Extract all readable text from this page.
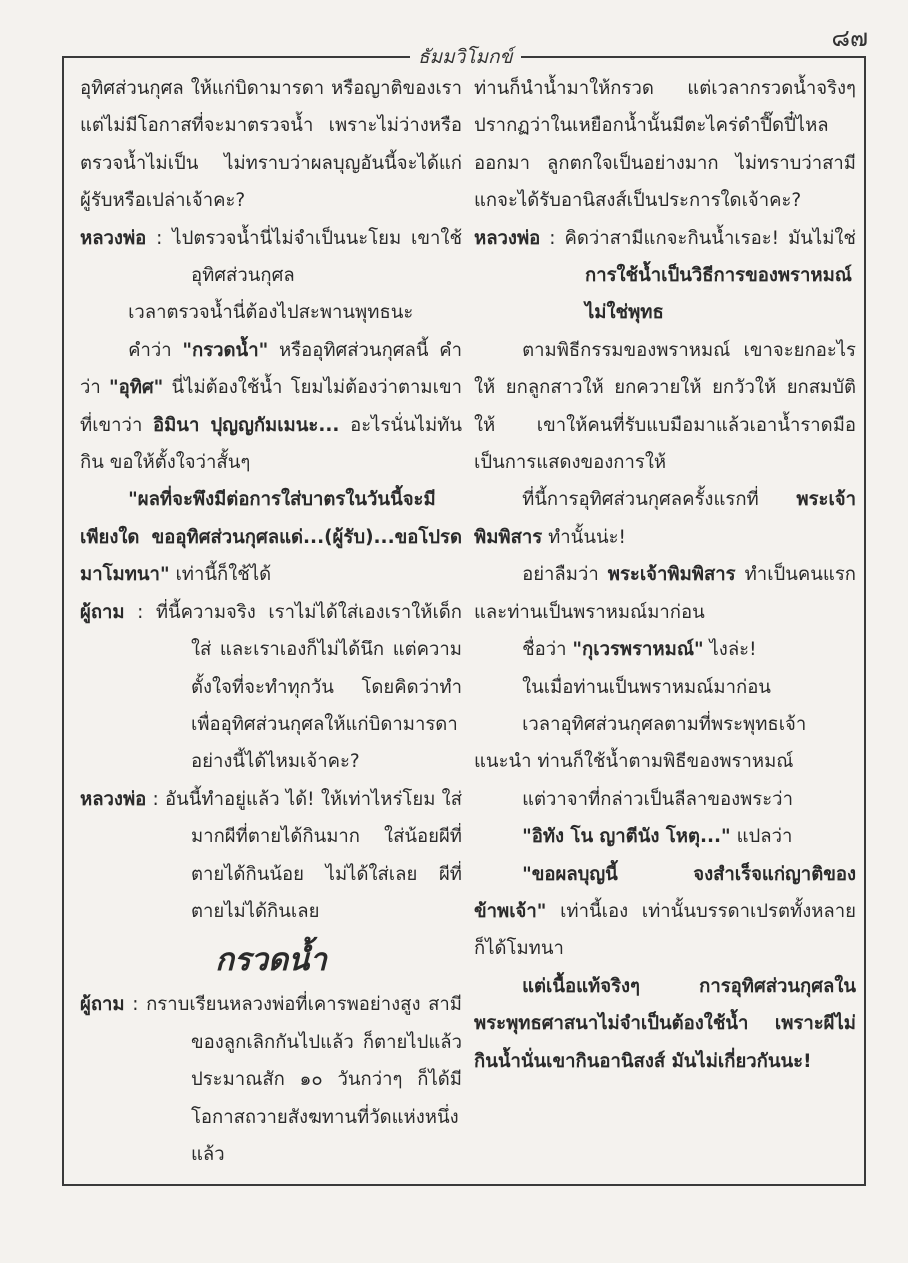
๘๗
ธัมมวิโมกข์
อุทิศส่วนกุศล ให้แก่บิดามารดา หรือญาติของเรา แต่ไม่มีโอกาสที่จะมาตรวจน้ำ เพราะไม่ว่างหรือตรวจน้ำไม่เป็น ไม่ทราบว่าผลบุญอันนี้จะได้แก่ผู้รับหรือเปล่าเจ้าคะ?
หลวงพ่อ : ไปตรวจน้ำนี่ไม่จำเป็นนะโยม เขาใช้อุทิศส่วนกุศล
เวลาตรวจน้ำนี่ต้องไปสะพานพุทธนะ
คำว่า "กรวดน้ำ" หรืออุทิศส่วนกุศลนี้ คำว่า "อุทิศ" นี่ไม่ต้องใช้น้ำ โยมไม่ต้องว่าตามเขา ที่เขาว่า อิมินา ปุญญกัมเมนะ... อะไรนั่นไม่ทันกิน ขอให้ตั้งใจว่าสั้นๆ
"ผลที่จะพึงมีต่อการใส่บาตรในวันนี้จะมีเพียงใด ขออุทิศส่วนกุศลแด่...(ผู้รับ)...ขอโปรดมาโมทนา" เท่านี้ก็ใช้ได้
ผู้ถาม : ที่นี้ความจริง เราไม่ได้ใส่เองเราให้เด็กใส่ และเราเองก็ไม่ได้นึก แต่ความตั้งใจที่จะทำทุกวัน โดยคิดว่าทำเพื่ออุทิศส่วนกุศลให้แก่บิดามารดา อย่างนี้ได้ไหมเจ้าคะ?
หลวงพ่อ : อันนี้ทำอยู่แล้ว ได้! ให้เท่าไหร่โยม ใส่มากผีที่ตายได้กินมาก ใส่น้อยผีที่ตายได้กินน้อย ไม่ได้ใส่เลย ผีที่ตายไม่ได้กินเลย
กรวดน้ำ
ผู้ถาม : กราบเรียนหลวงพ่อที่เคารพอย่างสูง สามีของลูกเลิกกันไปแล้ว ก็ตายไปแล้ว ประมาณสัก ๑๐ วันกว่าๆ ก็ได้มีโอกาสถวายสังฆทานที่วัดแห่งหนึ่ง แล้ว
ท่านก็นำน้ำมาให้กรวด แต่เวลากรวดน้ำจริงๆ ปรากฏว่าในเหยือกน้ำนั้นมีตะไคร่ดำปี๊ดปี๋ไหลออกมา ลูกตกใจเป็นอย่างมาก ไม่ทราบว่าสามีแกจะได้รับอานิสงส์เป็นประการใดเจ้าคะ?
หลวงพ่อ : คิดว่าสามีแกจะกินน้ำเรอะ! มันไม่ใช่ การใช้น้ำเป็นวิธีการของพราหมณ์ ไม่ใช่พุทธ
ตามพิธีกรรมของพราหมณ์ เขาจะยกอะไรให้ ยกลูกสาวให้ ยกควายให้ ยกวัวให้ ยกสมบัติให้ เขาให้คนที่รับแบมือมาแล้วเอาน้ำราดมือ เป็นการแสดงของการให้
ที่นี้การอุทิศส่วนกุศลครั้งแรกที่ พระเจ้าพิมพิสาร ทำนั้นน่ะ!
อย่าลืมว่า พระเจ้าพิมพิสาร ทำเป็นคนแรก และท่านเป็นพราหมณ์มาก่อน
ชื่อว่า "กุเวรพราหมณ์" ไงล่ะ!
ในเมื่อท่านเป็นพราหมณ์มาก่อน
เวลาอุทิศส่วนกุศลตามที่พระพุทธเจ้าแนะนำ ท่านก็ใช้น้ำตามพิธีของพราหมณ์
แต่วาจาที่กล่าวเป็นลีลาของพระว่า
"อิทัง โน ญาตีนัง โหตุ..." แปลว่า
"ขอผลบุญนี้ จงสำเร็จแก่ญาติของข้าพเจ้า" เท่านี้เอง เท่านั้นบรรดาเปรตทั้งหลายก็ได้โมทนา
แต่เนื้อแท้จริงๆ การอุทิศส่วนกุศลในพระพุทธศาสนาไม่จำเป็นต้องใช้น้ำ เพราะผีไม่กินน้ำนั่นเขากินอานิสงส์ มันไม่เกี่ยวกันนะ!
